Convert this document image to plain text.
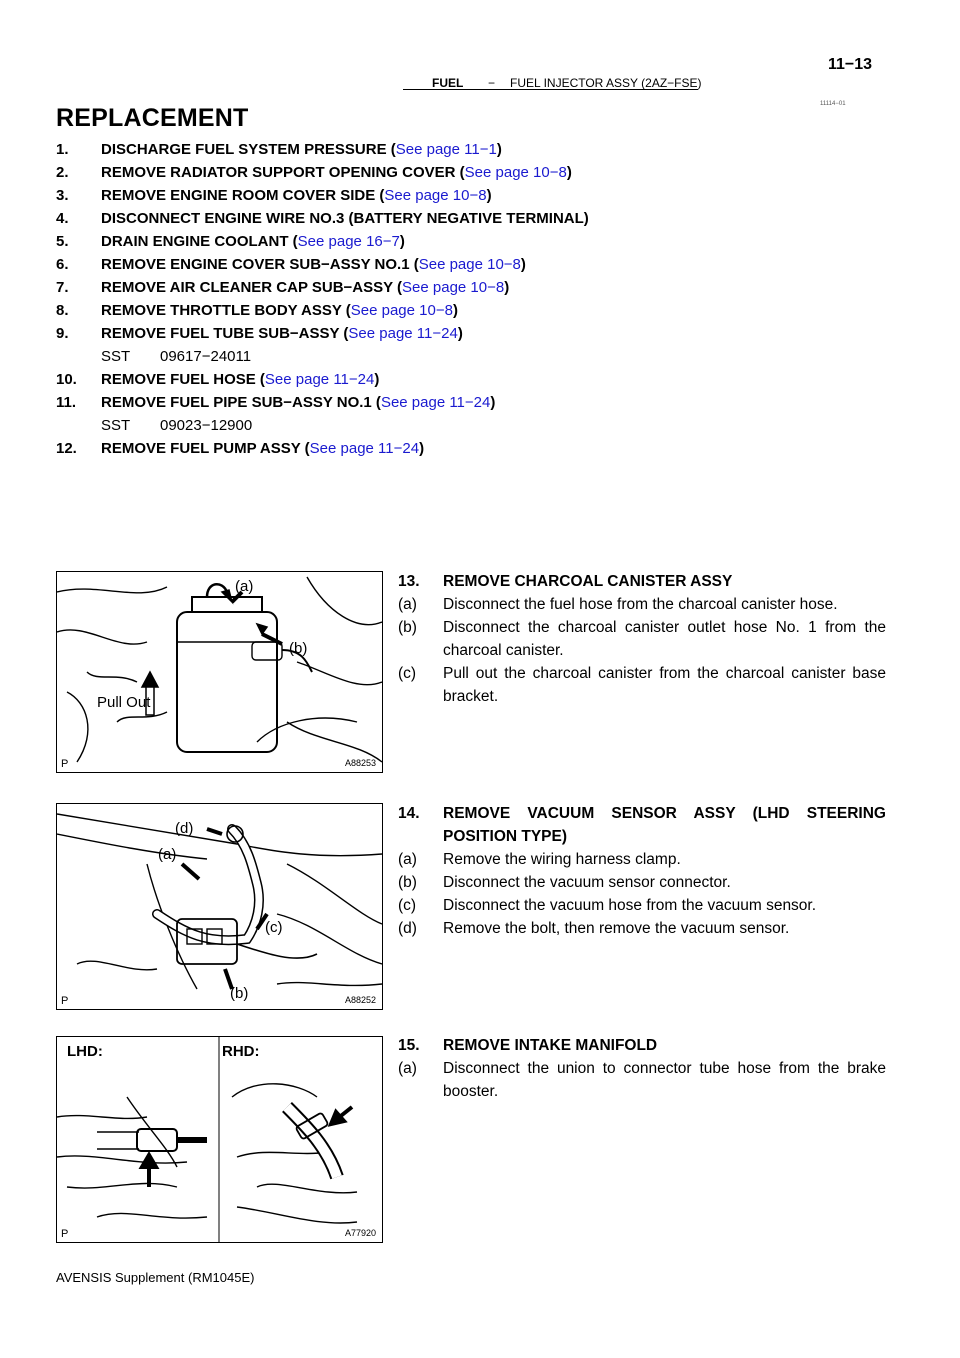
11−13
FUEL − FUEL INJECTOR ASSY (2AZ−FSE)
11114−01
REPLACEMENT
1. DISCHARGE FUEL SYSTEM PRESSURE (See page 11−1)
2. REMOVE RADIATOR SUPPORT OPENING COVER (See page 10−8)
3. REMOVE ENGINE ROOM COVER SIDE (See page 10−8)
4. DISCONNECT ENGINE WIRE NO.3 (BATTERY NEGATIVE TERMINAL)
5. DRAIN ENGINE COOLANT (See page 16−7)
6. REMOVE ENGINE COVER SUB−ASSY NO.1 (See page 10−8)
7. REMOVE AIR CLEANER CAP SUB−ASSY (See page 10−8)
8. REMOVE THROTTLE BODY ASSY (See page 10−8)
9. REMOVE FUEL TUBE SUB−ASSY (See page 11−24)
SST 09617−24011
10. REMOVE FUEL HOSE (See page 11−24)
11. REMOVE FUEL PIPE SUB−ASSY NO.1 (See page 11−24)
SST 09023−12900
12. REMOVE FUEL PUMP ASSY (See page 11−24)
(a)
(b)
Pull Out
P	A88253
(d)
(a)
(c)
(b)
P	A88252
LHD:	RHD:
P	A77920
13. REMOVE CHARCOAL CANISTER ASSY
(a) Disconnect the fuel hose from the charcoal canister hose.
(b) Disconnect the charcoal canister outlet hose No. 1 from the charcoal canister.
(c) Pull out the charcoal canister from the charcoal canister base bracket.
14. REMOVE VACUUM SENSOR ASSY (LHD STEERING POSITION TYPE)
(a) Remove the wiring harness clamp.
(b) Disconnect the vacuum sensor connector.
(c) Disconnect the vacuum hose from the vacuum sensor.
(d) Remove the bolt, then remove the vacuum sensor.
15. REMOVE INTAKE MANIFOLD
(a) Disconnect the union to connector tube hose from the brake booster.
AVENSIS Supplement (RM1045E)
